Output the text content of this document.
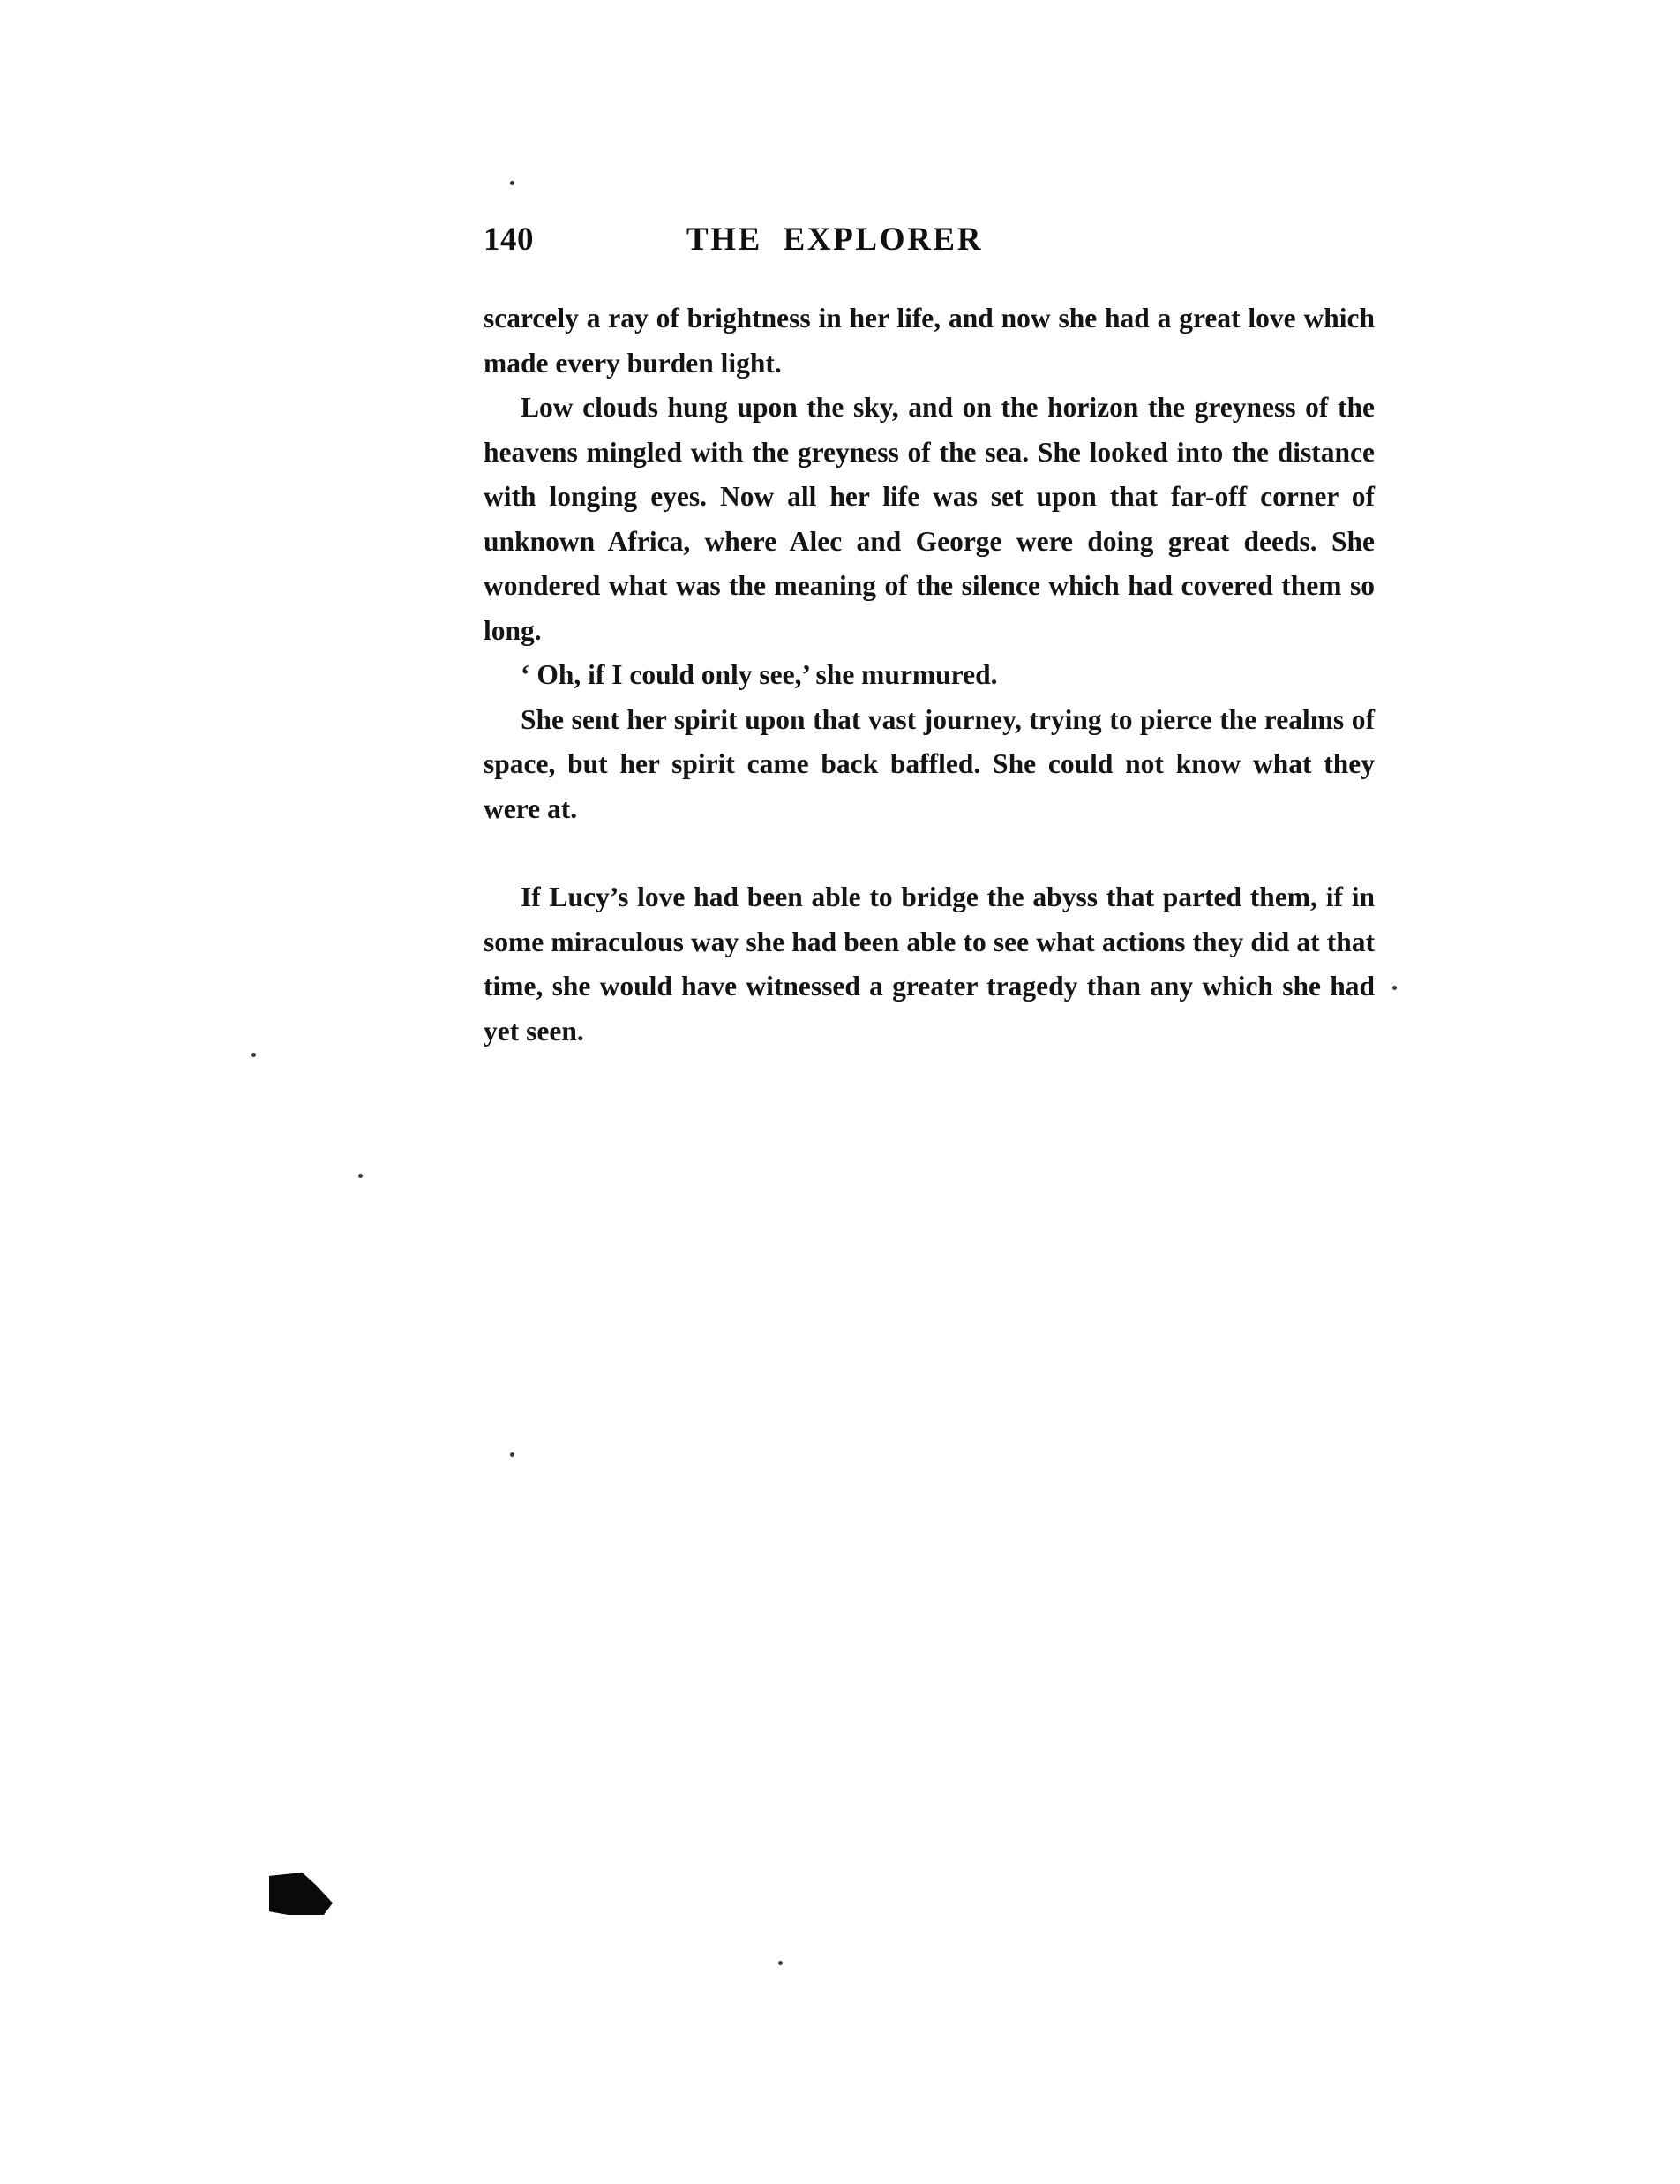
140	THE  EXPLORER

scarcely a ray of brightness in her life, and now she had a great love which made every burden light.

Low clouds hung upon the sky, and on the horizon the greyness of the heavens mingled with the greyness of the sea. She looked into the distance with longing eyes. Now all her life was set upon that far-off corner of unknown Africa, where Alec and George were doing great deeds. She wondered what was the meaning of the silence which had covered them so long.

‘ Oh, if I could only see,’ she murmured.

She sent her spirit upon that vast journey, trying to pierce the realms of space, but her spirit came back baffled. She could not know what they were at.

If Lucy’s love had been able to bridge the abyss that parted them, if in some miraculous way she had been able to see what actions they did at that time, she would have witnessed a greater tragedy than any which she had yet seen.
